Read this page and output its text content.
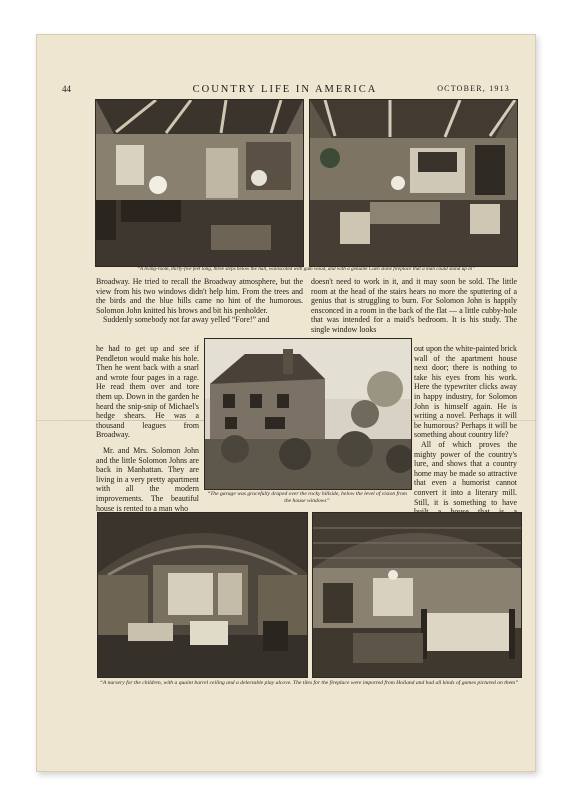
44	COUNTRY LIFE IN AMERICA	OCTOBER, 1913
“A living-room, thirty-five feet long, three steps below the hall, wainscoted with gum wood, and with a genuine Caen stone fireplace that a man could stand up in”

Broadway. He tried to recall the Broadway atmosphere, but the view from his two windows didn't help him. From the trees and the birds and the blue hills came no hint of the humorous. Solomon John knitted his brows and bit his penholder.

Suddenly somebody not far away yelled “Fore!” and

he had to get up and see if Pendleton would make his hole. Then he went back with a snarl and wrote four pages in a rage. He read them over and tore them up. Down in the garden he heard the snip-snip of Michael's hedge shears. He was a thousand leagues from Broadway.

Mr. and Mrs. Solomon John and the little Solomon Johns are back in Manhattan. They are living in a very pretty apartment with all the modern improvements. The beautiful house is rented to a man who

doesn't need to work in it, and it may soon be sold. The little room at the head of the stairs hears no more the sputtering of a genius that is struggling to burn. For Solomon John is happily ensconced in a room in the back of the flat — a little cubby-hole that was intended for a maid's bedroom. It is his study. The single window looks

out upon the white-painted brick wall of the apartment house next door; there is nothing to take his eyes from his work. Here the typewriter clicks away in happy industry, for Solomon John is himself again. He is writing a novel. Perhaps it will be humorous? Perhaps it will be something about country life?

All of which proves the mighty power of the country's lure, and shows that a country home may be made so attractive that even a humorist cannot convert it into a literary mill. Still, it is something to have

“The garage was gracefully draped over the rocky hillside, below the level of vision from the house windows”
“A nursery for the children, with a quaint barrel ceiling and a delectable play alcove. The tiles for the fireplace were imported from Holland and had all kinds of games pictured on them”
